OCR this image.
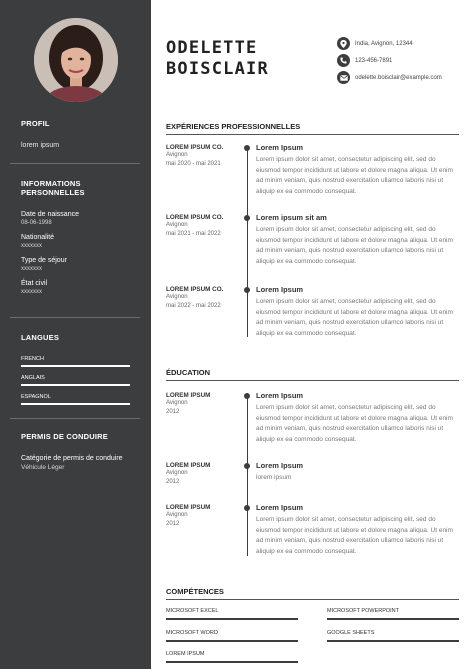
PROFIL
lorem ipsum
INFORMATIONS PERSONNELLES
Date de naissance
08-06-1998
Nationalité
xxxxxxx
Type de séjour
xxxxxxx
État civil
xxxxxxx
LANGUES
FRENCH
ANGLAIS
ESPAGNOL
PERMIS DE CONDUIRE
Catégorie de permis de conduire
Véhicule Léger
ODELETTE
BOISCLAIR
India, Avignon, 12344
123-456-7891
odelette.boisclair@example.com
EXPÉRIENCES PROFESSIONNELLES
LOREM IPSUM CO.
Avignon
mai 2020 - mai 2021
Lorem Ipsum
Lorem ipsum dolor sit amet, consectetur adipiscing elit, sed do eiusmod tempor incididunt ut labore et dolore magna aliqua. Ut enim ad minim veniam, quis nostrud exercitation ullamco laboris nisi ut aliquip ex ea commodo consequat.
LOREM IPSUM CO.
Avignon
mai 2021 - mai 2022
Lorem ipsum sit am
Lorem ipsum dolor sit amet, consectetur adipiscing elit, sed do eiusmod tempor incididunt ut labore et dolore magna aliqua. Ut enim ad minim veniam, quis nostrud exercitation ullamco laboris nisi ut aliquip ex ea commodo consequat.
LOREM IPSUM CO.
Avignon
mai 2022 - mai 2022
Lorem Ipsum
Lorem ipsum dolor sit amet, consectetur adipiscing elit, sed do eiusmod tempor incididunt ut labore et dolore magna aliqua. Ut enim ad minim veniam, quis nostrud exercitation ullamco laboris nisi ut aliquip ex ea commodo consequat.
ÉDUCATION
LOREM IPSUM
Avignon
2012
Lorem Ipsum
Lorem ipsum dolor sit amet, consectetur adipiscing elit, sed do eiusmod tempor incididunt ut labore et dolore magna aliqua. Ut enim ad minim veniam, quis nostrud exercitation ullamco laboris nisi ut aliquip ex ea commodo consequat.
LOREM IPSUM
Avignon
2012
Lorem Ipsum
lorem ipsum
LOREM IPSUM
Avignon
2012
Lorem Ipsum
Lorem ipsum dolor sit amet, consectetur adipiscing elit, sed do eiusmod tempor incididunt ut labore et dolore magna aliqua. Ut enim ad minim veniam, quis nostrud exercitation ullamco laboris nisi ut aliquip ex ea commodo consequat.
COMPÉTENCES
MICROSOFT EXCEL	MICROSOFT POWERPOINT
MICROSOFT WORD	GOOGLE SHEETS
LOREM IPSUM
